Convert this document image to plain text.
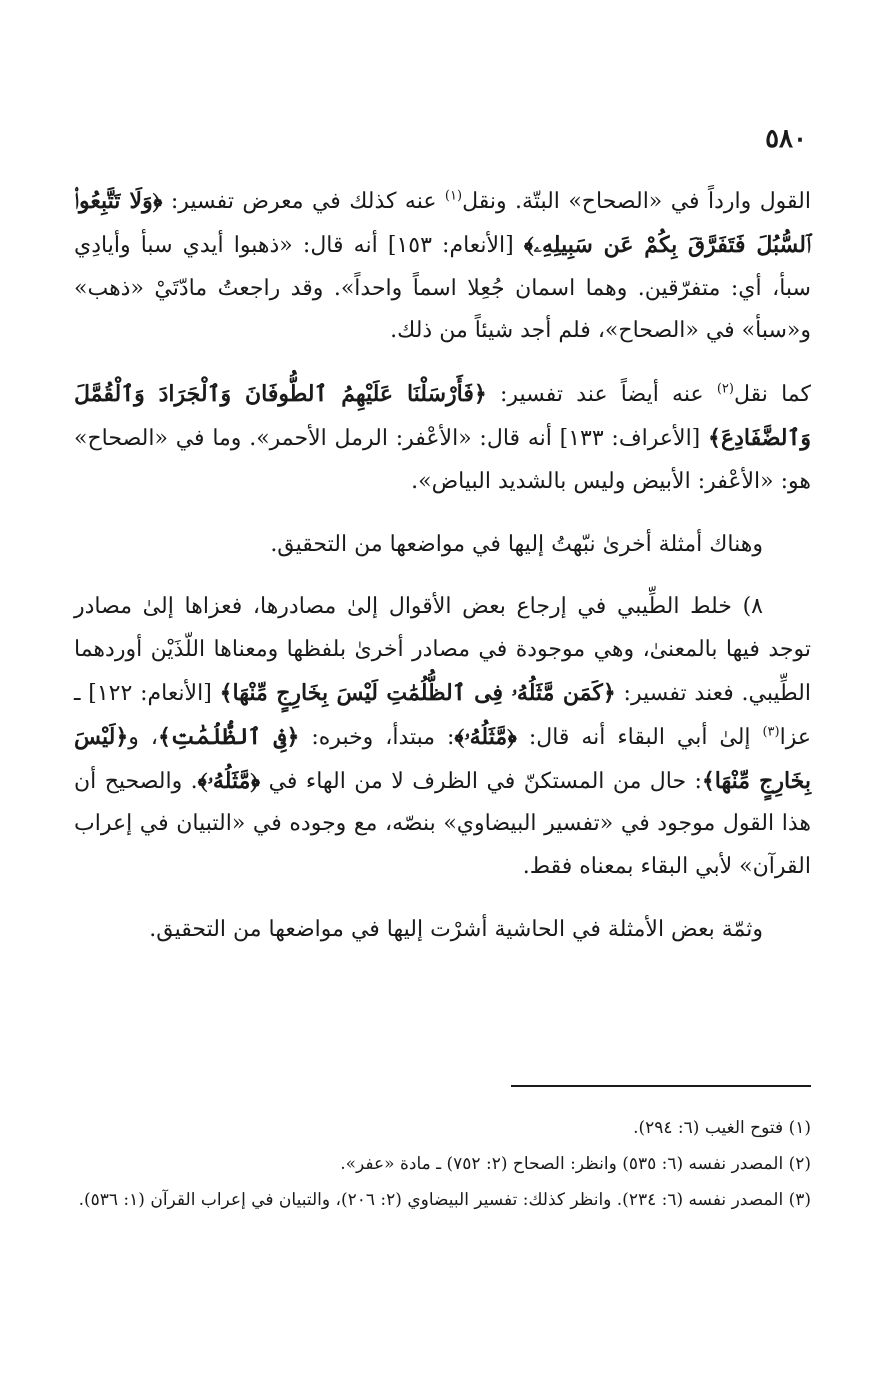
٥٨٠

القول وارداً في «الصحاح» البتّة. ونقل$^{(١)}$ عنه كذلك في معرض تفسير: ﴿وَلَا تَتَّبِعُوا۟ ٱلسُّبُلَ فَتَفَرَّقَ بِكُمْ عَن سَبِيلِهِۦ﴾ [الأنعام: ١٥٣] أنه قال: «ذهبوا أيدي سبأ وأيادِي سبأ، أي: متفرّقين. وهما اسمان جُعِلا اسماً واحداً». وقد راجعتُ مادّتَيْ «ذهب» و«سبأ» في «الصحاح»، فلم أجد شيئاً من ذلك.

كما نقل$^{(٢)}$ عنه أيضاً عند تفسير: ﴿فَأَرْسَلْنَا عَلَيْهِمُ ٱلطُّوفَانَ وَٱلْجَرَادَ وَٱلْقُمَّلَ وَٱلضَّفَادِعَ﴾ [الأعراف: ١٣٣] أنه قال: «الأعْفر: الرمل الأحمر». وما في «الصحاح» هو: «الأعْفر: الأبيض وليس بالشديد البياض».

وهناك أمثلة أخرىٰ نبّهتُ إليها في مواضعها من التحقيق.

٨) خلط الطِّيبي في إرجاع بعض الأقوال إلىٰ مصادرها، فعزاها إلىٰ مصادر توجد فيها بالمعنىٰ، وهي موجودة في مصادر أخرىٰ بلفظها ومعناها اللّذَيْن أوردهما الطِّيبي. فعند تفسير: ﴿كَمَن مَّثَلُهُۥ فِى ٱلظُّلُمَٰتِ لَيْسَ بِخَارِجٍ مِّنْهَا﴾ [الأنعام: ١٢٢] ـ عزا$^{(٣)}$ إلىٰ أبي البقاء أنه قال: ﴿مَّثَلُهُۥ﴾: مبتدأ، وخبره: ﴿فِى ٱلظُّلُمَٰتِ﴾، و﴿لَيْسَ بِخَارِجٍ مِّنْهَا﴾: حال من المستكنّ في الظرف لا من الهاء في ﴿مَّثَلُهُۥ﴾. والصحيح أن هذا القول موجود في «تفسير البيضاوي» بنصّه، مع وجوده في «التبيان في إعراب القرآن» لأبي البقاء بمعناه فقط.

وثمّة بعض الأمثلة في الحاشية أشرْت إليها في مواضعها من التحقيق.

(١) فتوح الغيب (٦: ٢٩٤).

(٢) المصدر نفسه (٦: ٥٣٥) وانظر: الصحاح (٢: ٧٥٢) ـ مادة «عفر».

(٣) المصدر نفسه (٦: ٢٣٤). وانظر كذلك: تفسير البيضاوي (٢: ٢٠٦)، والتبيان في إعراب القرآن (١: ٥٣٦).
